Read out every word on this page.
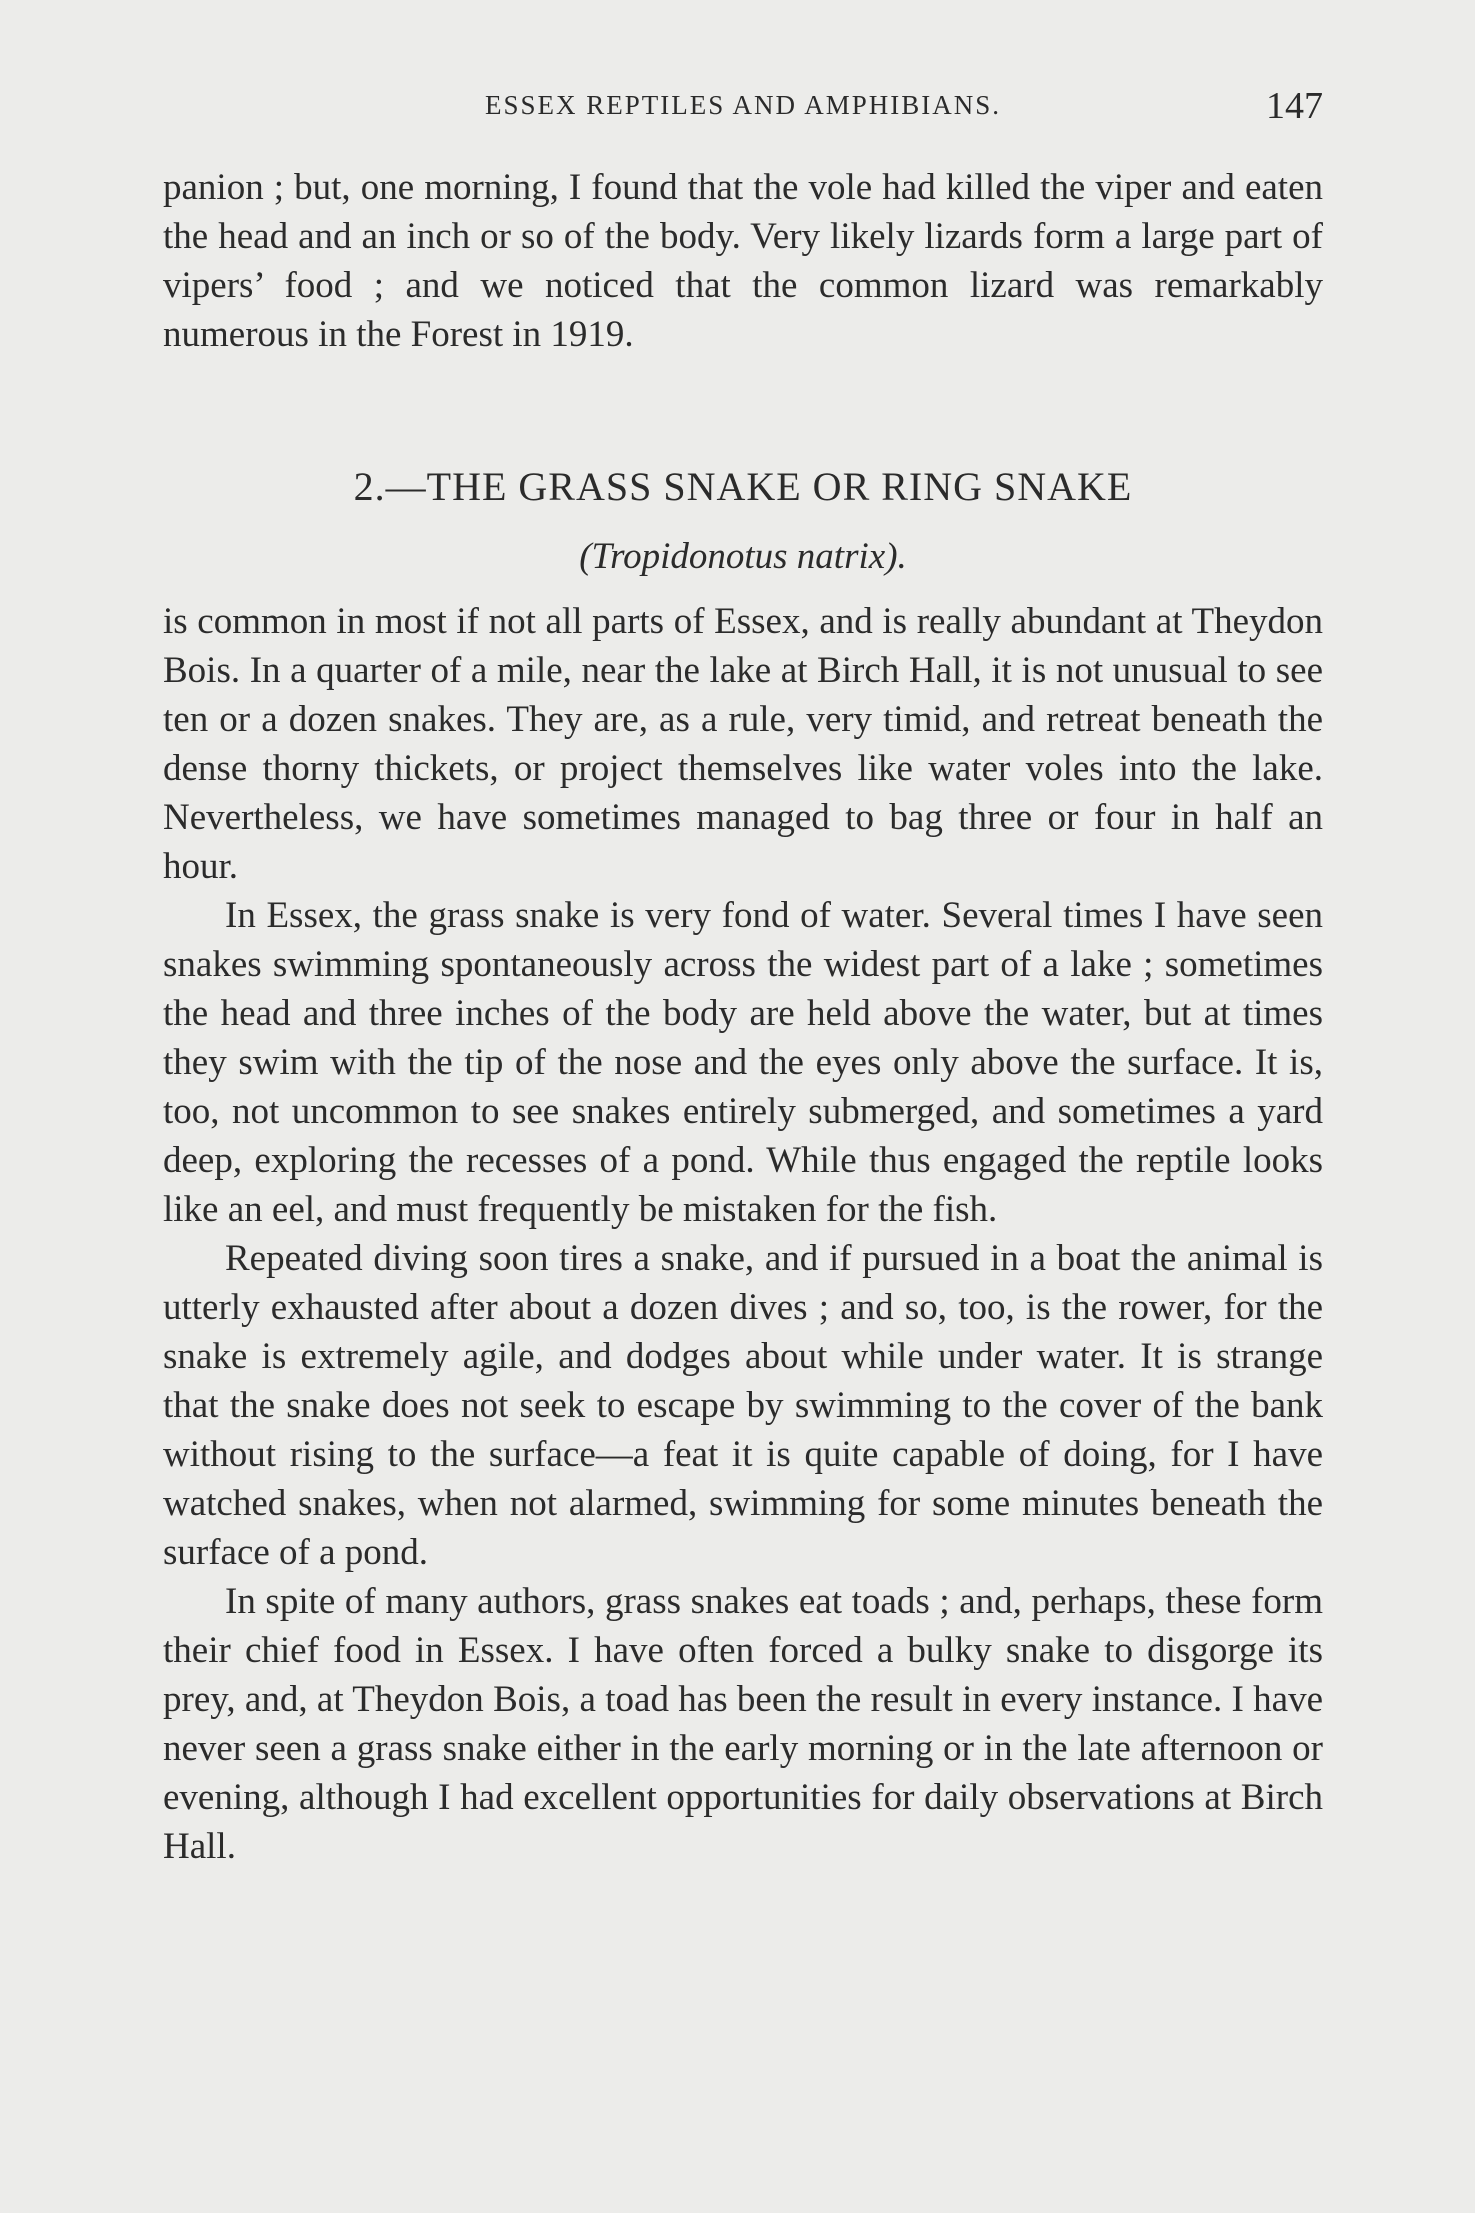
ESSEX REPTILES AND AMPHIBIANS.	147

panion ; but, one morning, I found that the vole had killed the viper and eaten the head and an inch or so of the body. Very likely lizards form a large part of vipers’ food ; and we noticed that the common lizard was remarkably numerous in the Forest in 1919.

2.—THE GRASS SNAKE OR RING SNAKE
(Tropidonotus natrix).

is common in most if not all parts of Essex, and is really abundant at Theydon Bois. In a quarter of a mile, near the lake at Birch Hall, it is not unusual to see ten or a dozen snakes. They are, as a rule, very timid, and retreat beneath the dense thorny thickets, or project themselves like water voles into the lake. Nevertheless, we have sometimes managed to bag three or four in half an hour.

In Essex, the grass snake is very fond of water. Several times I have seen snakes swimming spontaneously across the widest part of a lake ; sometimes the head and three inches of the body are held above the water, but at times they swim with the tip of the nose and the eyes only above the surface. It is, too, not uncommon to see snakes entirely submerged, and sometimes a yard deep, exploring the recesses of a pond. While thus engaged the reptile looks like an eel, and must frequently be mistaken for the fish.

Repeated diving soon tires a snake, and if pursued in a boat the animal is utterly exhausted after about a dozen dives ; and so, too, is the rower, for the snake is extremely agile, and dodges about while under water. It is strange that the snake does not seek to escape by swimming to the cover of the bank without rising to the surface—a feat it is quite capable of doing, for I have watched snakes, when not alarmed, swimming for some minutes beneath the surface of a pond.

In spite of many authors, grass snakes eat toads ; and, perhaps, these form their chief food in Essex. I have often forced a bulky snake to disgorge its prey, and, at Theydon Bois, a toad has been the result in every instance. I have never seen a grass snake either in the early morning or in the late afternoon or evening, although I had excellent opportunities for daily observations at Birch Hall.
